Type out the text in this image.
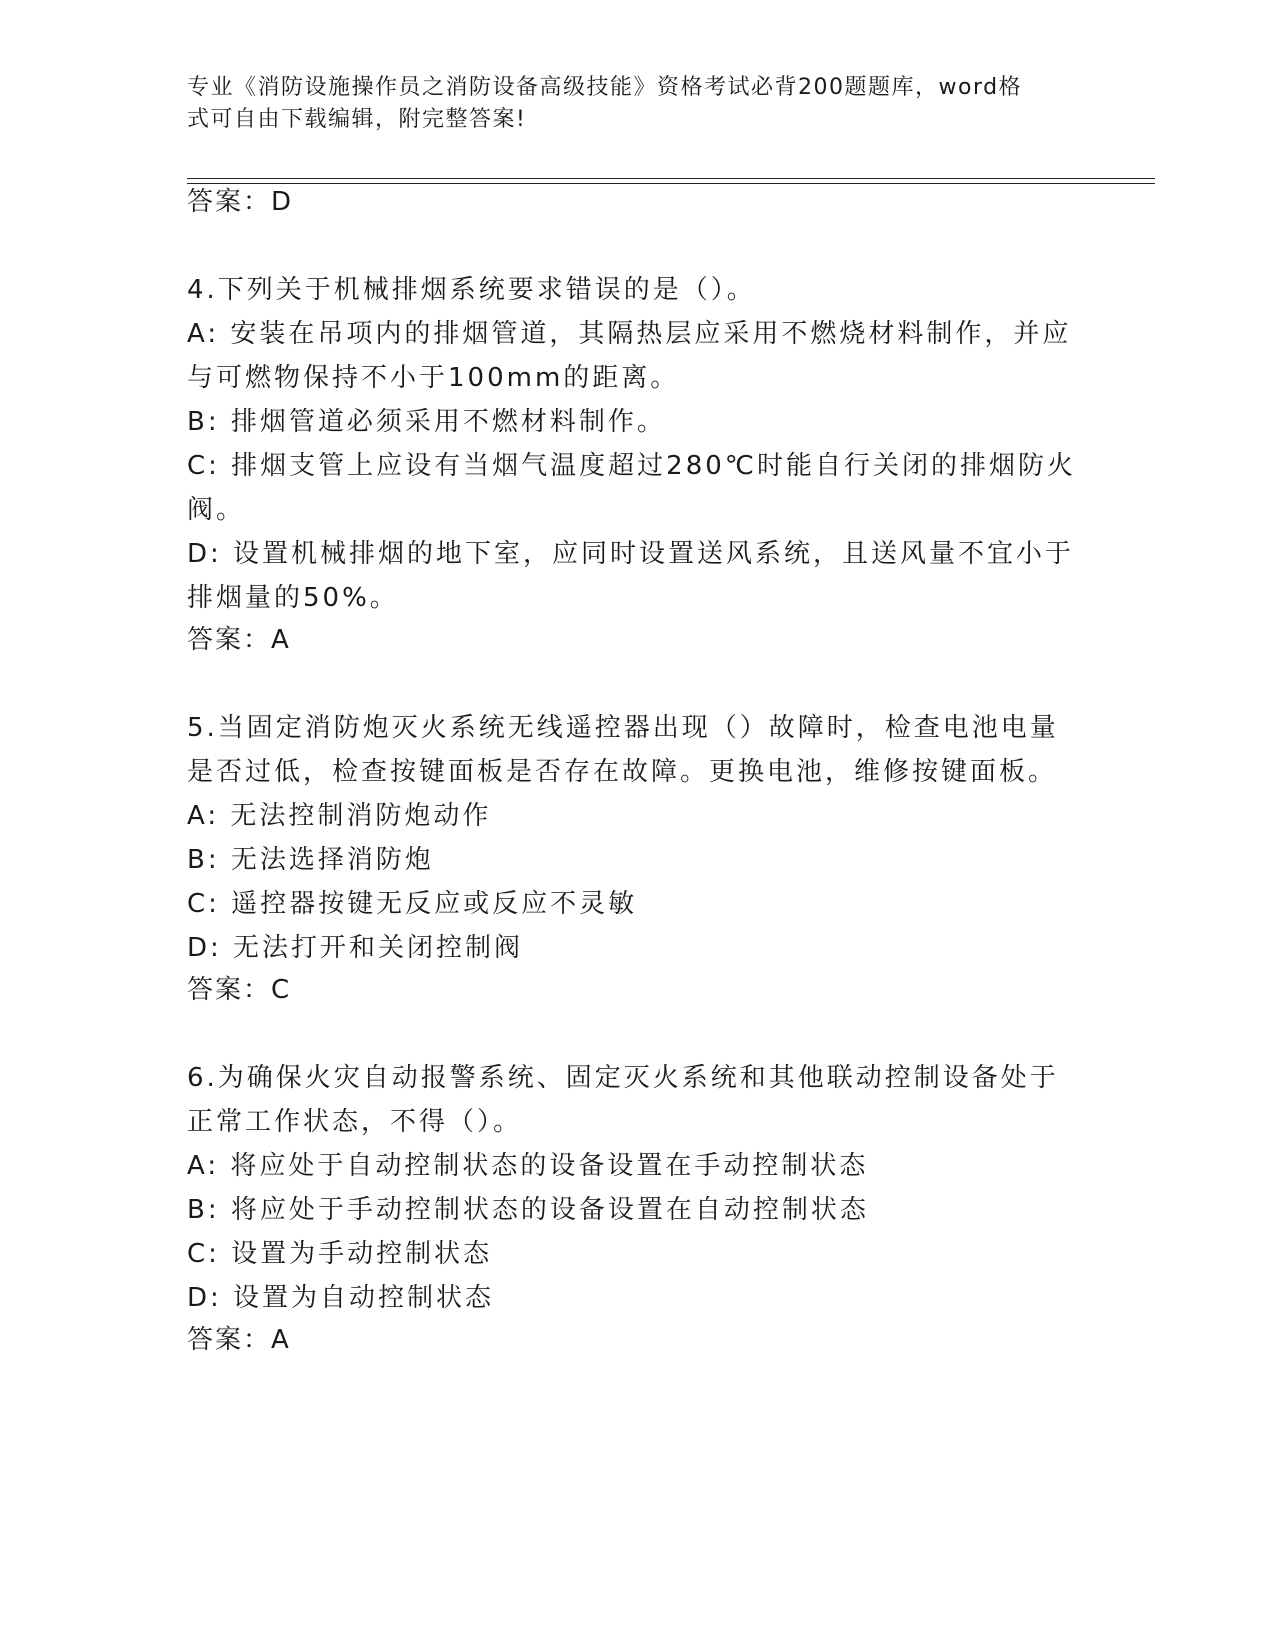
专业《消防设施操作员之消防设备高级技能》资格考试必背200题题库，word格
式可自由下载编辑，附完整答案!
答案：D
4.下列关于机械排烟系统要求错误的是（）。
A: 安装在吊项内的排烟管道，其隔热层应采用不燃烧材料制作，并应
与可燃物保持不小于100mm的距离。
B: 排烟管道必须采用不燃材料制作。
C: 排烟支管上应设有当烟气温度超过280℃时能自行关闭的排烟防火
阀。
D: 设置机械排烟的地下室，应同时设置送风系统，且送风量不宜小于
排烟量的50%。
答案：A
5.当固定消防炮灭火系统无线遥控器出现（）故障时，检查电池电量
是否过低，检查按键面板是否存在故障。更换电池，维修按键面板。
A: 无法控制消防炮动作
B: 无法选择消防炮
C: 遥控器按键无反应或反应不灵敏
D: 无法打开和关闭控制阀
答案：C
6.为确保火灾自动报警系统、固定灭火系统和其他联动控制设备处于
正常工作状态，不得（）。
A: 将应处于自动控制状态的设备设置在手动控制状态
B: 将应处于手动控制状态的设备设置在自动控制状态
C: 设置为手动控制状态
D: 设置为自动控制状态
答案：A
